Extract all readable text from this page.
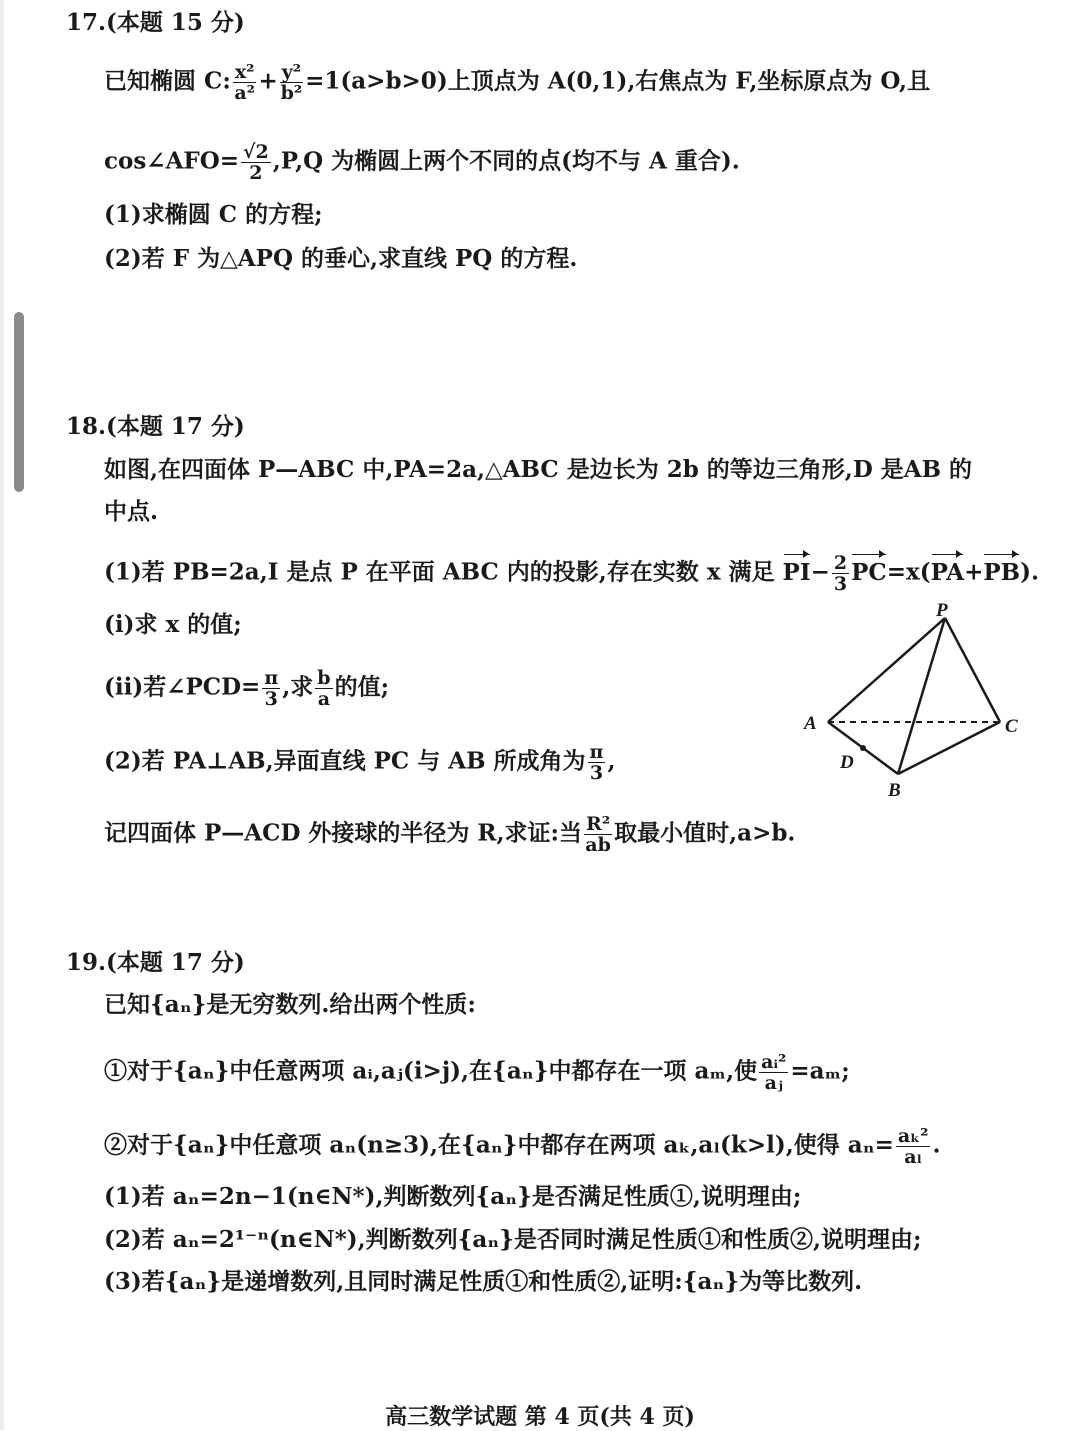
17.(本题 15 分)
已知椭圆 C: $\frac{\text{x²}}{\text{a²}} + \frac{\text{y²}}{\text{b²}} =1(a>b>0)$上顶点为 A(0,1),右焦点为 F,坐标原点为 O,且
cos∠AFO= $\frac{√2}{2} ,P,Q$ 为椭圆上两个不同的点(均不与 A 重合).
(1)求椭圆 C 的方程;
(2)若 F 为△APQ 的垂心,求直线 PQ 的方程.
18.(本题 17 分)
如图,在四面体 P—ABC 中,PA=2a,△ABC 是边长为 2b 的等边三角形,D 是AB 的
中点.
(1)若 PB=2a,I 是点 P 在平面 ABC 内的投影,存在实数 x 满足 $PI- \frac{2}{3} PC=x(PA+PB)$.
(i)求 x 的值;
(ii)若∠PCD= $\frac{\pi}{3}$ ,求 $\frac{b}{a}$ 的值;
(2)若 PA⊥AB,异面直线 PC 与 AB 所成角为 $\frac{\pi}{3}$ ,
记四面体 P—ACD 外接球的半径为 R,求证:当 $\frac{\text{R²}}{ab}$ 取最小值时,a>b.
P
A	C
D
B
19.(本题 17 分)
已知{aₙ}是无穷数列.给出两个性质:
①对于{aₙ}中任意两项 aᵢ,aⱼ(i>j),在{aₙ}中都存在一项 aₘ,使 $\frac{\text{aᵢ²}}{\text{aⱼ}} =a_m$;
②对于{aₙ}中任意项 aₙ(n≥3),在{aₙ}中都存在两项 aₖ,aₗ(k>l),使得 $a_n= \frac{\text{aₖ²}}{\text{aₗ}}$ .
(1)若 aₙ=2n−1(n∈N*),判断数列{aₙ}是否满足性质①,说明理由;
(2)若 aₙ=2¹⁻ⁿ(n∈N*),判断数列{aₙ}是否同时满足性质①和性质②,说明理由;
(3)若{aₙ}是递增数列,且同时满足性质①和性质②,证明:{aₙ}为等比数列.
高三数学试题 第 4 页(共 4 页)
